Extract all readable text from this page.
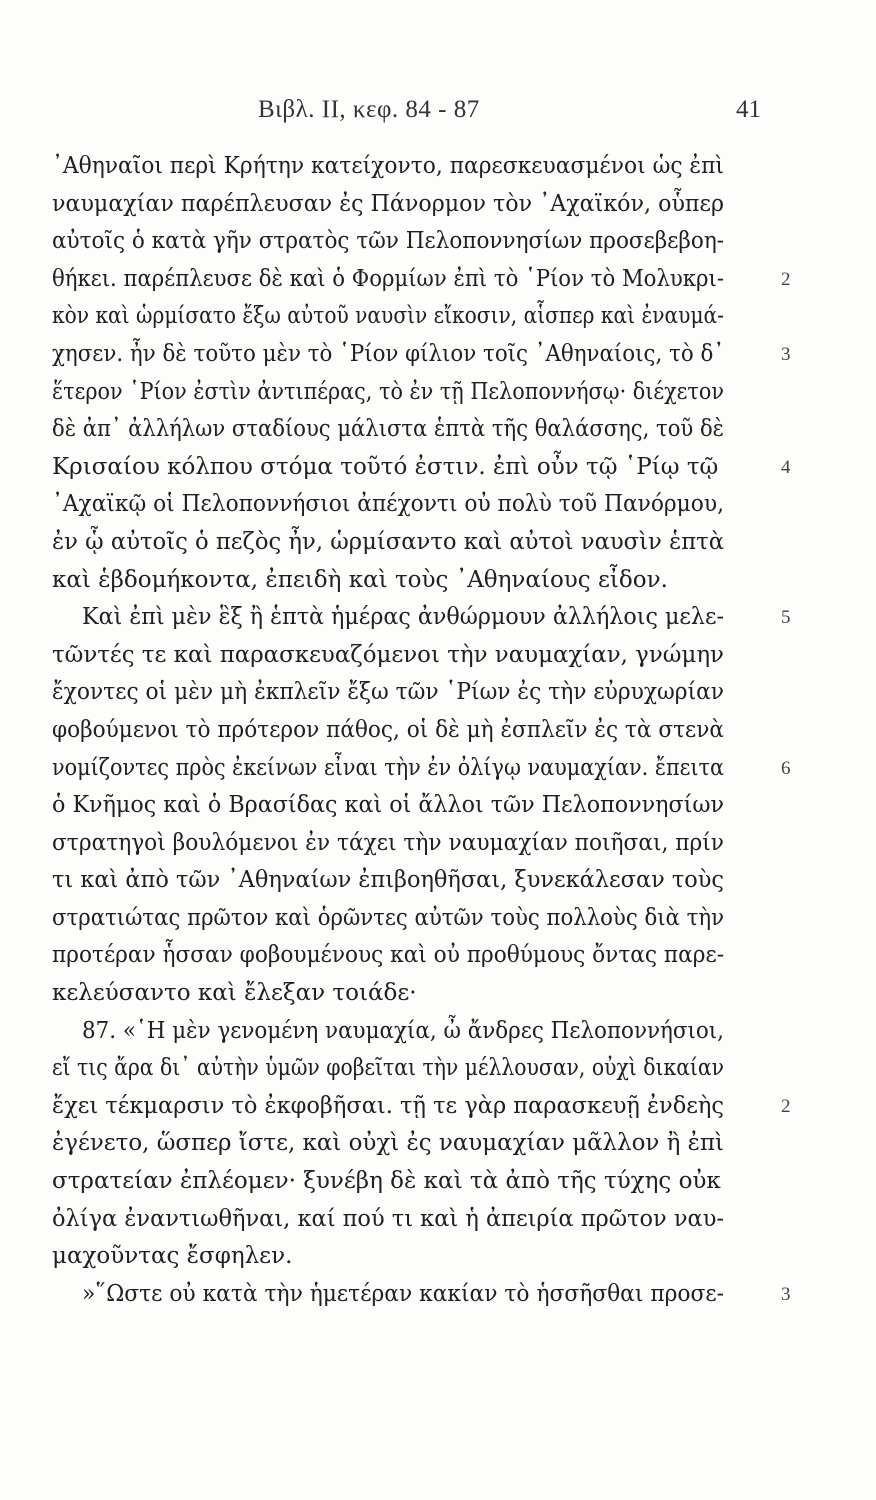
Βιβλ. ΙΙ, κεφ. 84 - 87	41
᾿Αθηναῖοι περὶ Κρήτην κατείχοντο, παρεσκευασμένοι ὡς ἐπὶ
ναυμαχίαν παρέπλευσαν ἐς Πάνορμον τὸν ᾿Αχαϊκόν, οὗπερ
αὐτοῖς ὁ κατὰ γῆν στρατὸς τῶν Πελοποννησίων προσεβεβοη-
θήκει. παρέπλευσε δὲ καὶ ὁ Φορμίων ἐπὶ τὸ ῾Ρίον τὸ Μολυκρι-	2
κὸν καὶ ὡρμίσατο ἔξω αὐτοῦ ναυσὶν εἴκοσιν, αἷσπερ καὶ ἐναυμά-
χησεν. ἦν δὲ τοῦτο μὲν τὸ ῾Ρίον φίλιον τοῖς ᾿Αθηναίοις, τὸ δ᾿	3
ἕτερον ῾Ρίον ἐστὶν ἀντιπέρας, τὸ ἐν τῇ Πελοποννήσῳ· διέχετον
δὲ ἀπ᾿ ἀλλήλων σταδίους μάλιστα ἑπτὰ τῆς θαλάσσης, τοῦ δὲ
Κρισαίου κόλπου στόμα τοῦτό ἐστιν. ἐπὶ οὖν τῷ ῾Ρίῳ τῷ	4
᾿Αχαϊκῷ οἱ Πελοποννήσιοι ἀπέχοντι οὐ πολὺ τοῦ Πανόρμου,
ἐν ᾧ αὐτοῖς ὁ πεζὸς ἦν, ὡρμίσαντο καὶ αὐτοὶ ναυσὶν ἑπτὰ
καὶ ἑβδομήκοντα, ἐπειδὴ καὶ τοὺς ᾿Αθηναίους εἶδον.
Καὶ ἐπὶ μὲν ἓξ ἢ ἑπτὰ ἡμέρας ἀνθώρμουν ἀλλήλοις μελε-	5
τῶντές τε καὶ παρασκευαζόμενοι τὴν ναυμαχίαν, γνώμην
ἔχοντες οἱ μὲν μὴ ἐκπλεῖν ἔξω τῶν ῾Ρίων ἐς τὴν εὐρυχωρίαν
φοβούμενοι τὸ πρότερον πάθος, οἱ δὲ μὴ ἐσπλεῖν ἐς τὰ στενὰ
νομίζοντες πρὸς ἐκείνων εἶναι τὴν ἐν ὀλίγῳ ναυμαχίαν. ἔπειτα	6
ὁ Κνῆμος καὶ ὁ Βρασίδας καὶ οἱ ἄλλοι τῶν Πελοποννησίων
στρατηγοὶ βουλόμενοι ἐν τάχει τὴν ναυμαχίαν ποιῆσαι, πρίν
τι καὶ ἀπὸ τῶν ᾿Αθηναίων ἐπιβοηθῆσαι, ξυνεκάλεσαν τοὺς
στρατιώτας πρῶτον καὶ ὁρῶντες αὐτῶν τοὺς πολλοὺς διὰ τὴν
προτέραν ἧσσαν φοβουμένους καὶ οὐ προθύμους ὄντας παρε-
κελεύσαντο καὶ ἔλεξαν τοιάδε·
87. «῾Η μὲν γενομένη ναυμαχία, ὦ ἄνδρες Πελοποννήσιοι,
εἴ τις ἄρα δι᾿ αὐτὴν ὑμῶν φοβεῖται τὴν μέλλουσαν, οὐχὶ δικαίαν
ἔχει τέκμαρσιν τὸ ἐκφοβῆσαι. τῇ τε γὰρ παρασκευῇ ἐνδεὴς	2
ἐγένετο, ὥσπερ ἴστε, καὶ οὐχὶ ἐς ναυμαχίαν μᾶλλον ἢ ἐπὶ
στρατείαν ἐπλέομεν· ξυνέβη δὲ καὶ τὰ ἀπὸ τῆς τύχης οὐκ
ὀλίγα ἐναντιωθῆναι, καί πού τι καὶ ἡ ἀπειρία πρῶτον ναυ-
μαχοῦντας ἔσφηλεν.
»῞Ωστε οὐ κατὰ τὴν ἡμετέραν κακίαν τὸ ἡσσῆσθαι προσε-	3
